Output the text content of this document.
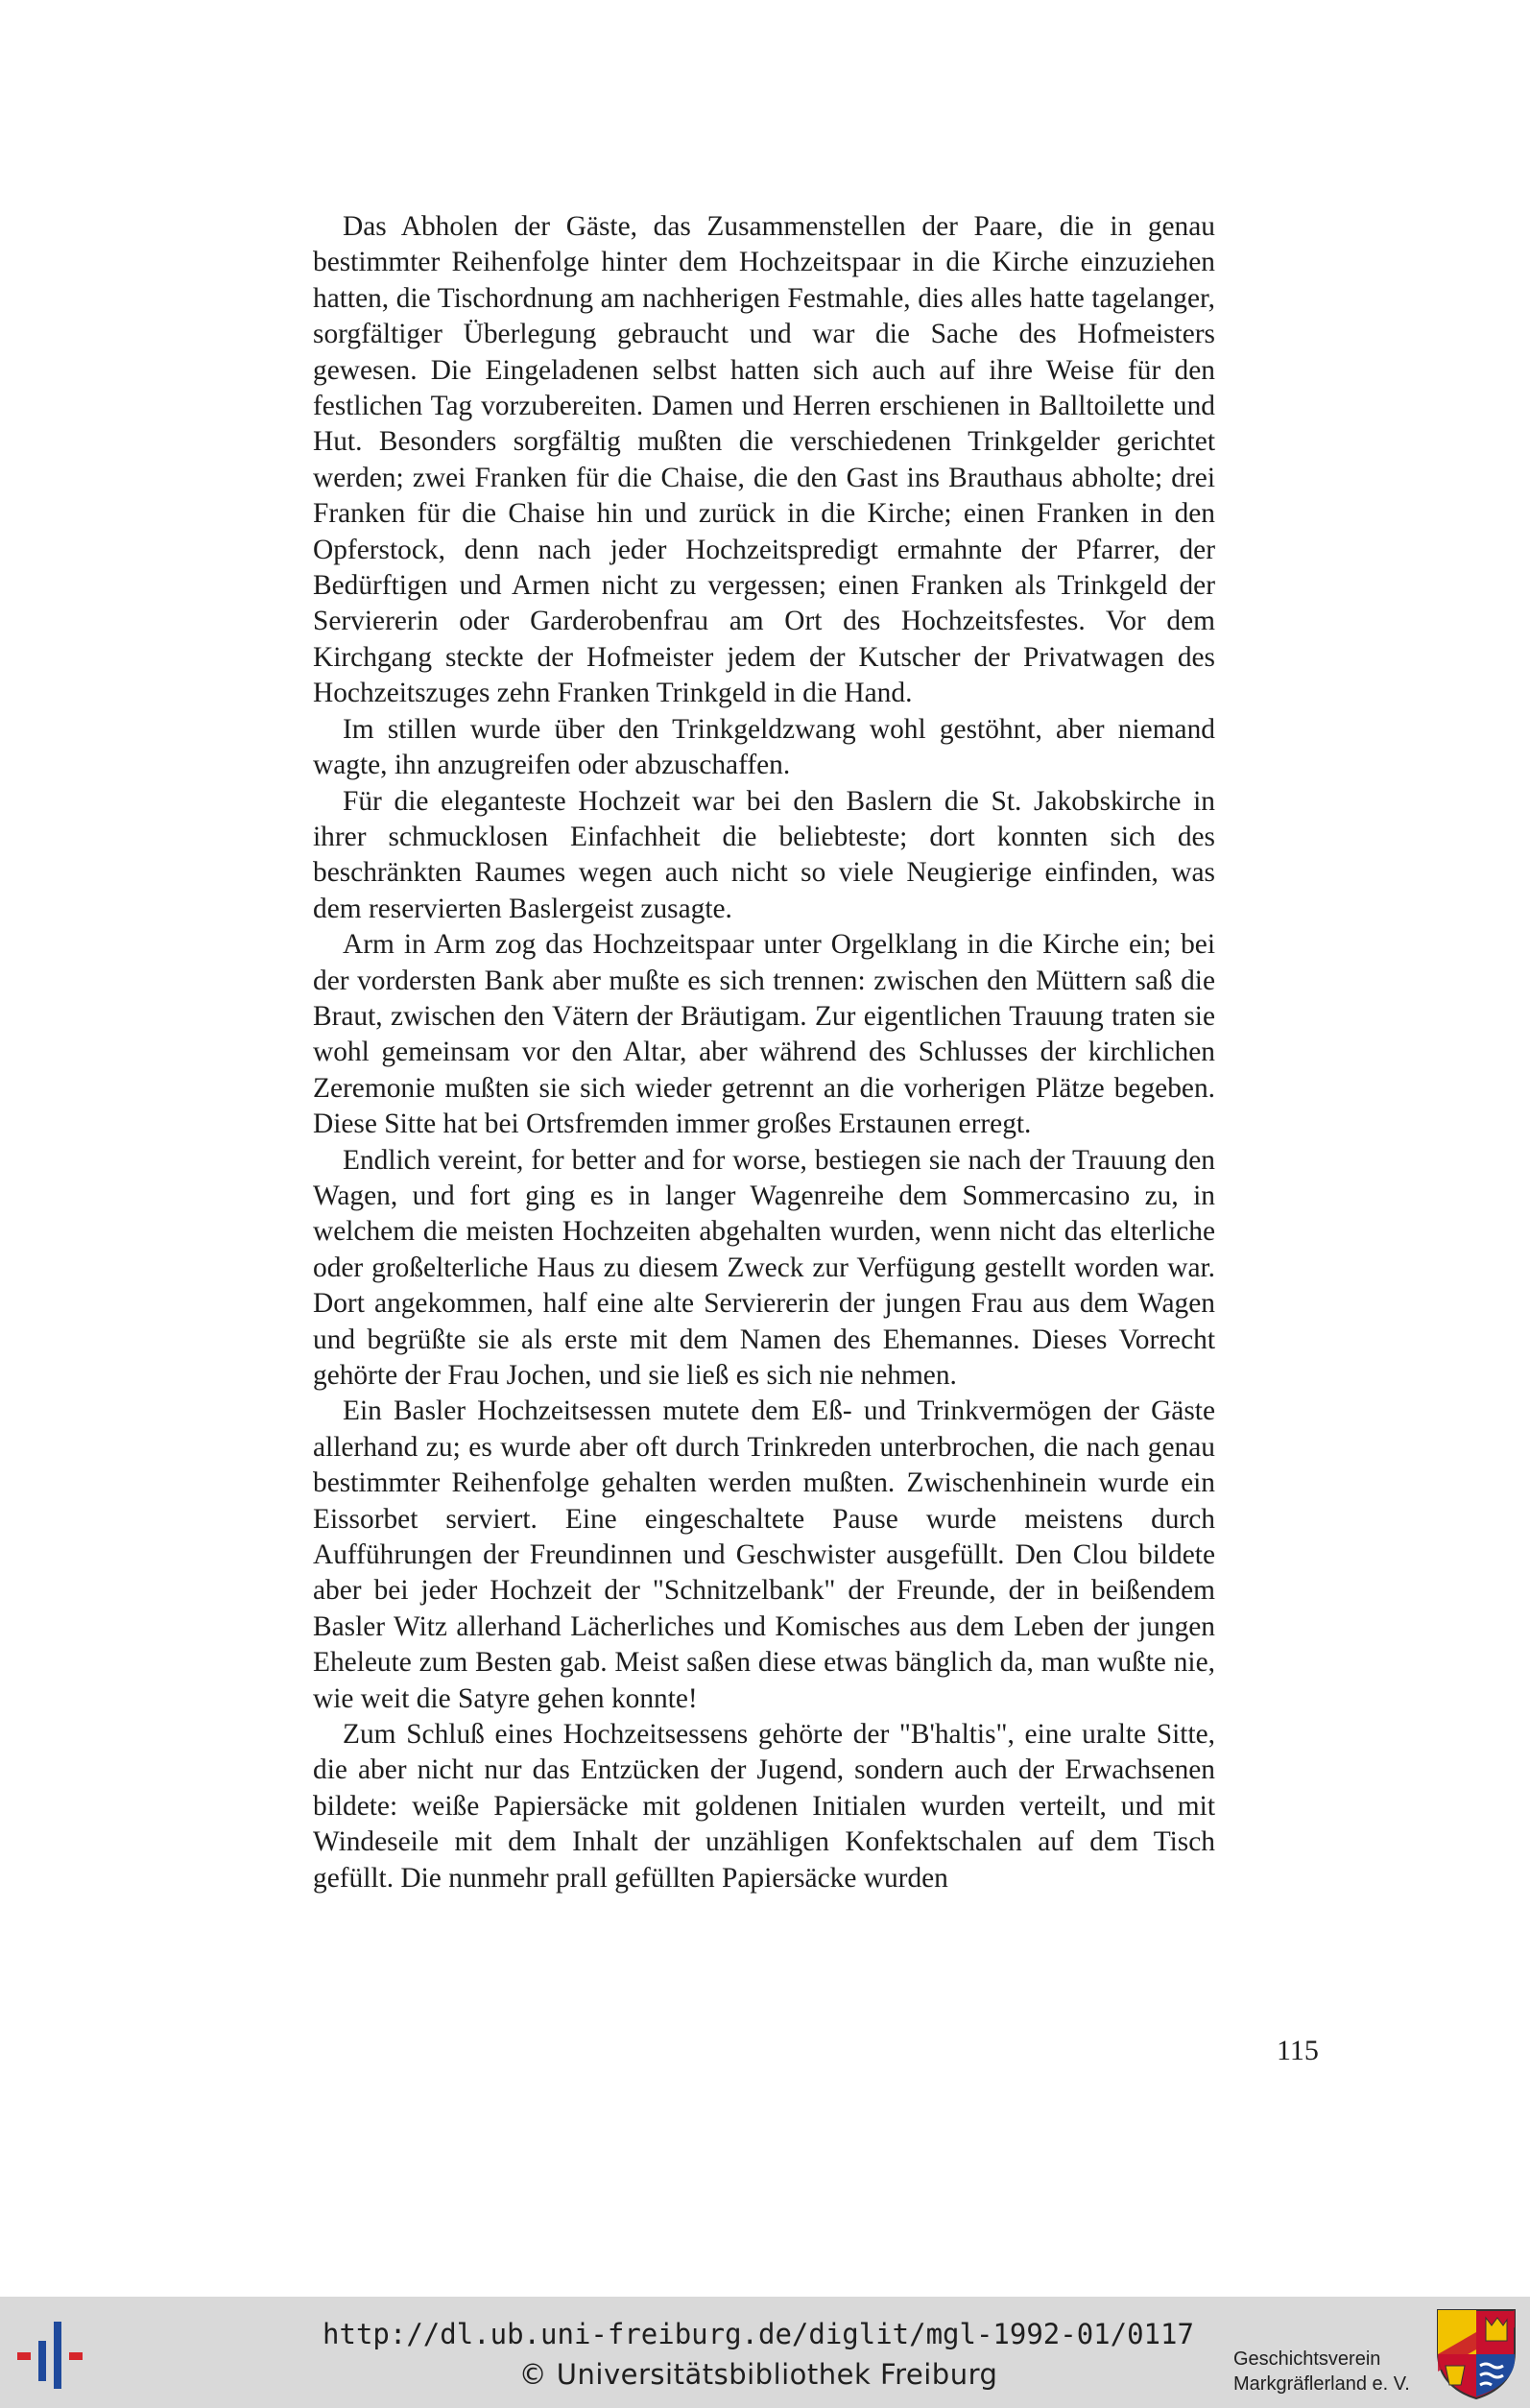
Das Abholen der Gäste, das Zusammenstellen der Paare, die in genau bestimmter Reihenfolge hinter dem Hochzeitspaar in die Kirche einzuziehen hatten, die Tischordnung am nachherigen Festmahle, dies alles hatte tagelanger, sorgfältiger Überlegung gebraucht und war die Sache des Hofmeisters gewesen. Die Eingeladenen selbst hatten sich auch auf ihre Weise für den festlichen Tag vorzubereiten. Damen und Herren erschienen in Balltoilette und Hut. Besonders sorgfältig mußten die verschiedenen Trinkgelder gerichtet werden; zwei Franken für die Chaise, die den Gast ins Brauthaus abholte; drei Franken für die Chaise hin und zurück in die Kirche; einen Franken in den Opferstock, denn nach jeder Hochzeitspredigt ermahnte der Pfarrer, der Bedürftigen und Armen nicht zu vergessen; einen Franken als Trinkgeld der Serviererin oder Garderobenfrau am Ort des Hochzeitsfestes. Vor dem Kirchgang steckte der Hofmeister jedem der Kutscher der Privatwagen des Hochzeitszuges zehn Franken Trinkgeld in die Hand.

Im stillen wurde über den Trinkgeldzwang wohl gestöhnt, aber niemand wagte, ihn anzugreifen oder abzuschaffen.

Für die eleganteste Hochzeit war bei den Baslern die St. Jakobskirche in ihrer schmucklosen Einfachheit die beliebteste; dort konnten sich des beschränkten Raumes wegen auch nicht so viele Neugierige einfinden, was dem reservierten Baslergeist zusagte.

Arm in Arm zog das Hochzeitspaar unter Orgelklang in die Kirche ein; bei der vordersten Bank aber mußte es sich trennen: zwischen den Müttern saß die Braut, zwischen den Vätern der Bräutigam. Zur eigentlichen Trauung traten sie wohl gemeinsam vor den Altar, aber während des Schlusses der kirchlichen Zeremonie mußten sie sich wieder getrennt an die vorherigen Plätze begeben. Diese Sitte hat bei Ortsfremden immer großes Erstaunen erregt.

Endlich vereint, for better and for worse, bestiegen sie nach der Trauung den Wagen, und fort ging es in langer Wagenreihe dem Sommercasino zu, in welchem die meisten Hochzeiten abgehalten wurden, wenn nicht das elterliche oder großelterliche Haus zu diesem Zweck zur Verfügung gestellt worden war. Dort angekommen, half eine alte Serviererin der jungen Frau aus dem Wagen und begrüßte sie als erste mit dem Namen des Ehemannes. Dieses Vorrecht gehörte der Frau Jochen, und sie ließ es sich nie nehmen.

Ein Basler Hochzeitsessen mutete dem Eß- und Trinkvermögen der Gäste allerhand zu; es wurde aber oft durch Trinkreden unterbrochen, die nach genau bestimmter Reihenfolge gehalten werden mußten. Zwischenhinein wurde ein Eissorbet serviert. Eine eingeschaltete Pause wurde meistens durch Aufführungen der Freundinnen und Geschwister ausgefüllt. Den Clou bildete aber bei jeder Hochzeit der "Schnitzelbank" der Freunde, der in beißendem Basler Witz allerhand Lächerliches und Komisches aus dem Leben der jungen Eheleute zum Besten gab. Meist saßen diese etwas bänglich da, man wußte nie, wie weit die Satyre gehen konnte!

Zum Schluß eines Hochzeitsessens gehörte der "B'haltis", eine uralte Sitte, die aber nicht nur das Entzücken der Jugend, sondern auch der Erwachsenen bildete: weiße Papiersäcke mit goldenen Initialen wurden verteilt, und mit Windeseile mit dem Inhalt der unzähligen Konfektschalen auf dem Tisch gefüllt. Die nunmehr prall gefüllten Papiersäcke wurden

115
http://dl.ub.uni-freiburg.de/diglit/mgl-1992-01/0117
© Universitätsbibliothek Freiburg	Geschichtsverein
Markgräflerland e. V.
